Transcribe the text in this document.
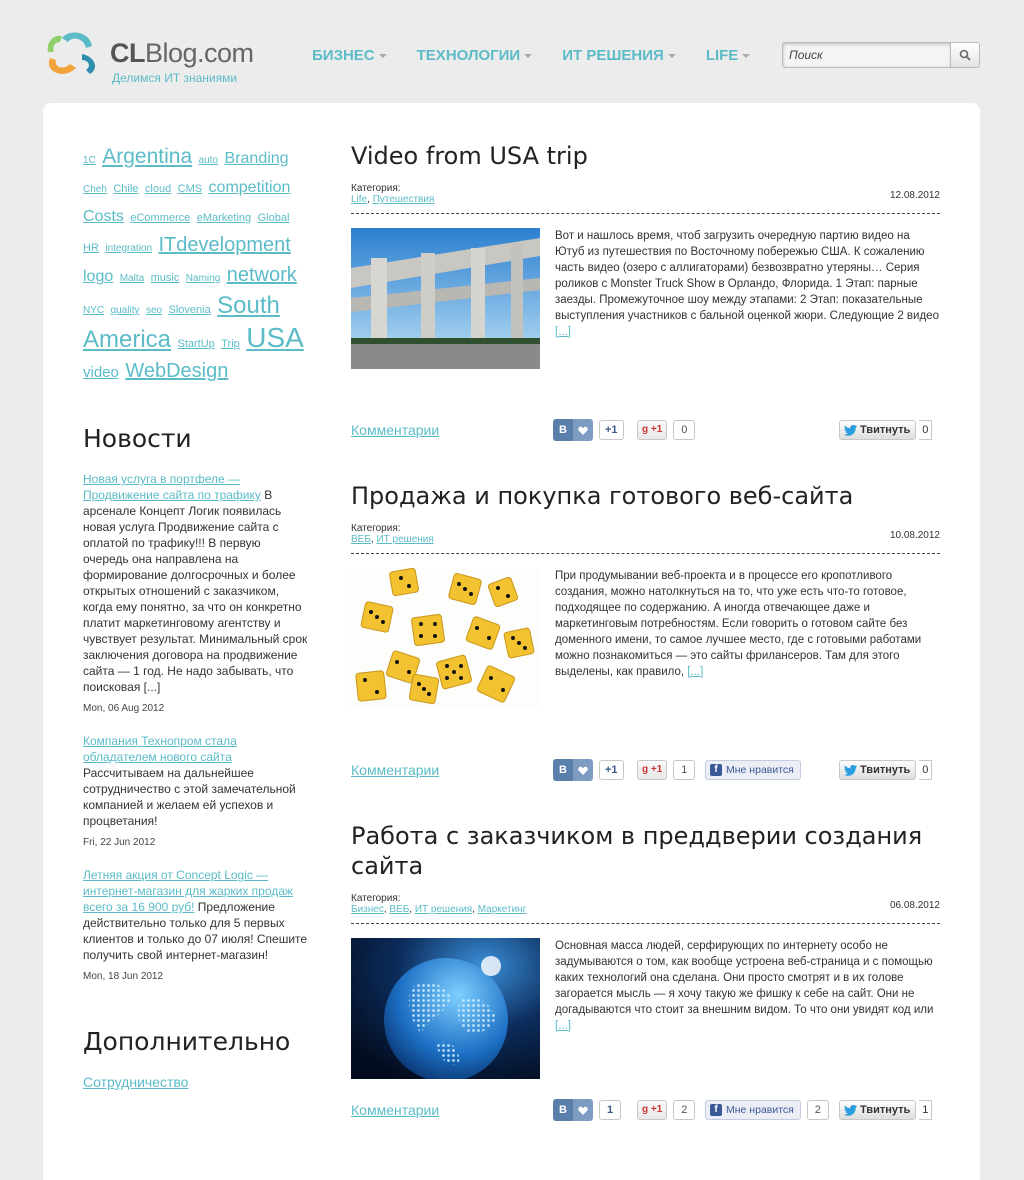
CLBlog.com
Делимся ИТ знаниями
БИЗНЕС	ТЕХНОЛОГИИ	ИТ РЕШЕНИЯ	LIFE
Поиск
1C Argentina auto Branding Cheh Chile cloud CMS competition Costs eCommerce eMarketing Global HR integration ITdevelopment logo Malta music Naming network NYC quality seo Slovenia South America StartUp Trip USA video WebDesign
Новости
Новая услуга в портфеле — Продвижение сайта по трафику В арсенале Концепт Логик появилась новая услуга Продвижение сайта с оплатой по трафику!!! В первую очередь она направлена на формирование долгосрочных и более открытых отношений с заказчиком, когда ему понятно, за что он конкретно платит маркетинговому агентству и чувствует результат. Минимальный срок заключения договора на продвижение сайта — 1 год. Не надо забывать, что поисковая [...]
Mon, 06 Aug 2012
Компания Технопром стала обладателем нового сайта Рассчитываем на дальнейшее сотрудничество с этой замечательной компанией и желаем ей успехов и процветания!
Fri, 22 Jun 2012
Летняя акция от Concept Logic — интернет-магазин для жарких продаж всего за 16 900 руб! Предложение действительно только для 5 первых клиентов и только до 07 июля! Спешите получить свой интернет-магазин!
Mon, 18 Jun 2012
Дополнительно
Сотрудничество
Video from USA trip
Категория:
Life, Путешествия	12.08.2012
Вот и нашлось время, чтоб загрузить очередную партию видео на Ютуб из путешествия по Восточному побережью США. К сожалению часть видео (озеро с аллигаторами) безвозвратно утеряны… Серия роликов с Monster Truck Show в Орландо, Флорида. 1 Этап: парные заезды. Промежуточное шоу между этапами: 2 Этап: показательные выступления участников с бальной оценкой жюри. Следующие 2 видео [...]
Комментарии	В	+1	g +1	0	Твитнуть 0
Продажа и покупка готового веб-сайта
Категория:
ВЕБ, ИТ решения	10.08.2012
При продумывании веб-проекта и в процессе его кропотливого создания, можно натолкнуться на то, что уже есть что-то готовое, подходящее по содержанию. А иногда отвечающее даже и маркетинговым потребностям. Если говорить о готовом сайте без доменного имени, то самое лучшее место, где с готовыми работами можно познакомиться — это сайты фрилансеров. Там для этого выделены, как правило, [...]
Комментарии	В	+1	g +1	1	f Мне нравится	Твитнуть 0
Работа с заказчиком в преддверии создания сайта
Категория:
Бизнес, ВЕБ, ИТ решения, Маркетинг	06.08.2012
Основная масса людей, серфирующих по интернету особо не задумываются о том, как вообще устроена веб-страница и с помощью каких технологий она сделана. Они просто смотрят и в их голове загорается мысль — я хочу такую же фишку к себе на сайт. Они не догадываются что стоит за внешним видом. То что они увидят код или [...]
Комментарии	В	1	g +1	2	f Мне нравится	2	Твитнуть 1
